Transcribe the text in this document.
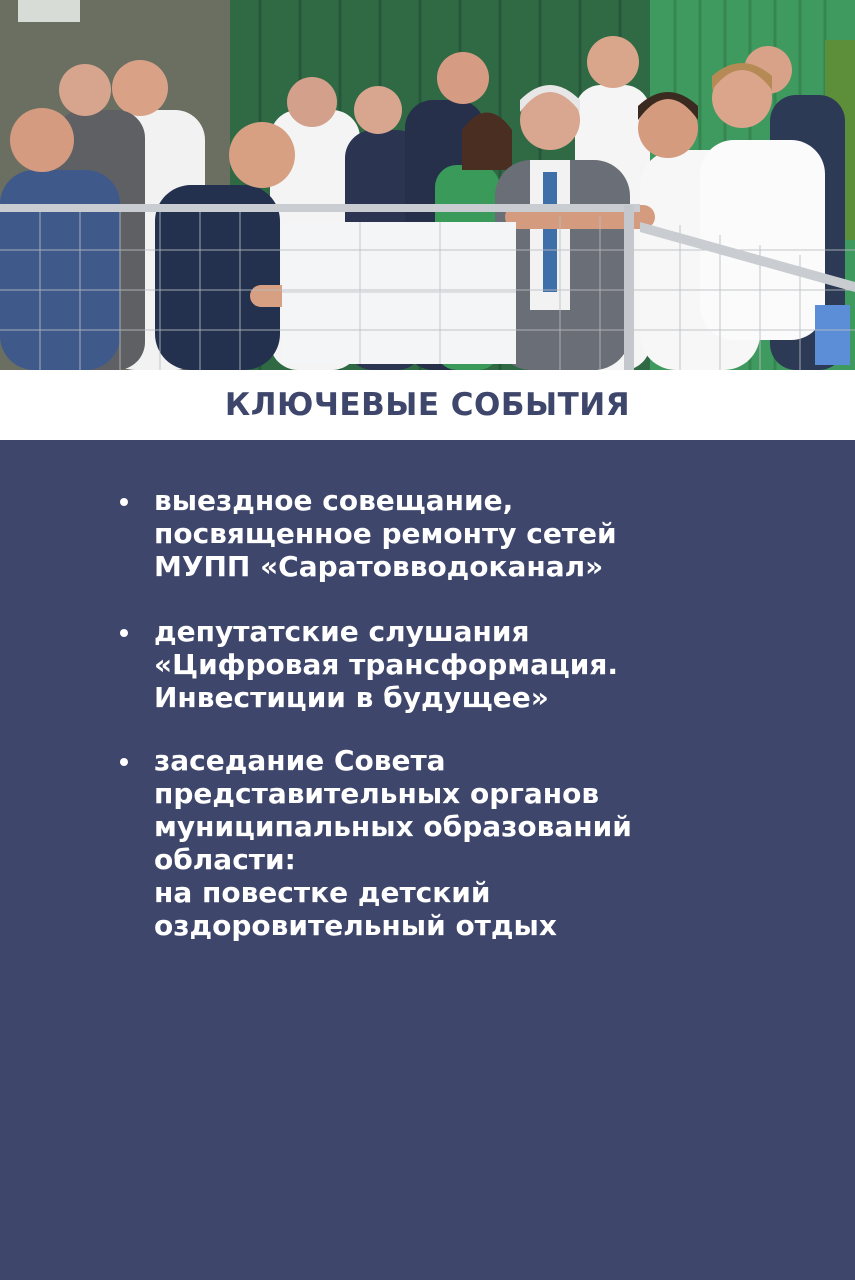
КЛЮЧЕВЫЕ СОБЫТИЯ

выездное совещание,
посвященное ремонту сетей
МУПП «Саратовводоканал»

депутатские слушания
«Цифровая трансформация.
Инвестиции в будущее»

заседание Совета
представительных органов
муниципальных образований
области:
на повестке детский
оздоровительный отдых
